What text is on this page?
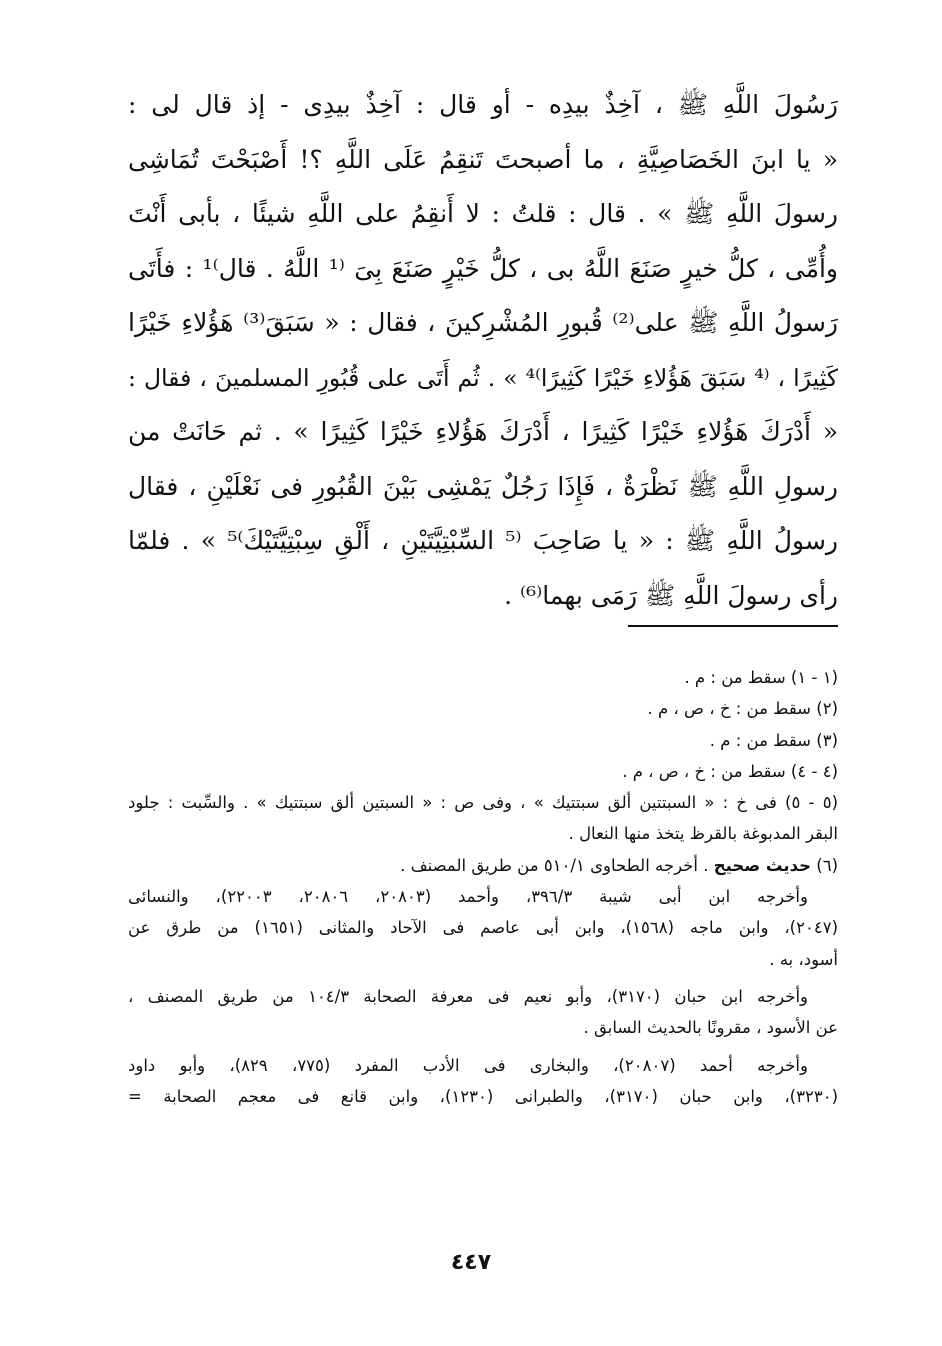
رَسُولَ اللَّهِ ﷺ ، آخِذٌ بيدِه - أو قال : آخِذٌ بيدِى - إذ قال لى :
« يا ابنَ الخَصَاصِيَّةِ ، ما أصبحتَ تَنقِمُ عَلَى اللَّهِ ؟! أَصْبَحْتَ تُمَاشِى
رسولَ اللَّهِ ﷺ » . قال : قلتُ : لا أَنقِمُ على اللَّهِ شيئًا ، بأبى أَنْتَ
وأُمِّى ، كلُّ خيرٍ صَنَعَ اللَّهُ بى ، كلُّ خَيْرٍ صَنَعَ بِىَ ⁽¹ اللَّهُ . قال⁾¹ : فأَتَى
رَسولُ اللَّهِ ﷺ على⁽²⁾ قُبورِ المُشْرِكينَ ، فقال : « سَبَقَ⁽³⁾ هَؤُلاءِ خَيْرًا
كَثِيرًا ، ⁽⁴ سَبَقَ هَؤُلاءِ خَيْرًا كَثِيرًا⁾⁴ » . ثُم أَتَى على قُبُورِ المسلمينَ ، فقال :
« أَدْرَكَ هَؤُلاءِ خَيْرًا كَثِيرًا ، أَدْرَكَ هَؤُلاءِ خَيْرًا كَثِيرًا » . ثم حَانَتْ من
رسولِ اللَّهِ ﷺ نَظْرَةٌ ، فَإِذَا رَجُلٌ يَمْشِى بَيْنَ القُبُورِ فى نَعْلَيْنِ ، فقال
رسولُ اللَّهِ ﷺ : « يا صَاحِبَ ⁽⁵ السِّبْتِيَّتَيْنِ ، أَلْقِ سِبْتِيَّتَيْكَ⁾⁵ » . فلمّا
رأى رسولَ اللَّهِ ﷺ رَمَى بهما⁽⁶⁾ .
(١ - ١) سقط من : م .
(٢) سقط من : خ ، ص ، م .
(٣) سقط من : م .
(٤ - ٤) سقط من : خ ، ص ، م .
(٥ - ٥) فى خ : « السبتتين ألق سبتتيك » ، وفى ص : « السبتين ألق سبتتيك » . والسِّبت : جلود
البقر المدبوغة بالقرظ يتخذ منها النعال .
(٦) حديث صحيح . أخرجه الطحاوى ٥١٠/١ من طريق المصنف .
وأخرجه ابن أبى شيبة ٣٩٦/٣، وأحمد (٢٠٨٠٣، ٢٠٨٠٦، ٢٢٠٠٣)، والنسائى
(٢٠٤٧)، وابن ماجه (١٥٦٨)، وابن أبى عاصم فى الآحاد والمثانى (١٦٥١) من طرق عن
أسود، به .
وأخرجه ابن حبان (٣١٧٠)، وأبو نعيم فى معرفة الصحابة ١٠٤/٣ من طريق المصنف ،
عن الأسود ، مقرونًا بالحديث السابق .
وأخرجه أحمد (٢٠٨٠٧)، والبخارى فى الأدب المفرد (٧٧٥، ٨٢٩)، وأبو داود
(٣٢٣٠)، وابن حبان (٣١٧٠)، والطبرانى (١٢٣٠)، وابن قانع فى معجم الصحابة =
٤٤٧
